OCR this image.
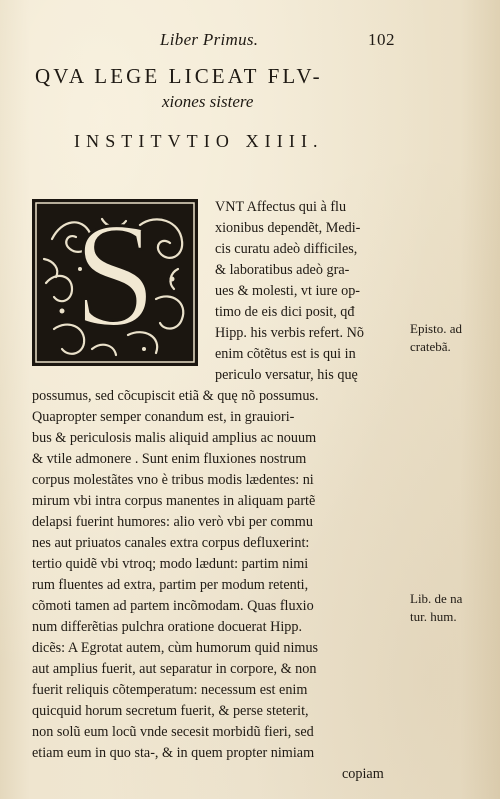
Liber Primus.	102
QVA LEGE LICEAT FLV-
xiones sistere
INSTITVTIO XIIII.
S	VNT Affectus qui à flu
xionibus dependẽt, Medi-
cis curatu adeò difficiles,
& laboratibus adeò gra-
ues & molesti, vt iure op-
timo de eis dici posit, qđ
Hipp. his verbis refert. Nõ
enim cõtẽtus est is qui in
periculo versatur, his quę
possumus, sed cõcupiscit etiã & quę nõ possumus.
Quapropter semper conandum est, in grauiori-
bus & periculosis malis aliquid amplius ac nouum
& vtile admonere . Sunt enim fluxiones nostrum
corpus molestãtes vno è tribus modis lædentes: ni
mirum vbi intra corpus manentes in aliquam partẽ
delapsi fuerint humores: alio verò vbi per commu
nes aut priuatos canales extra corpus defluxerint:
tertio quidẽ vbi vtroq; modo lædunt: partim nimi
rum fluentes ad extra, partim per modum retenti,
cõmoti tamen ad partem incõmodam. Quas fluxio
num differẽtias pulchra oratione docuerat Hipp.
dicẽs: A Egrotat autem, cùm humorum quid nimus
aut amplius fuerit, aut separatur in corpore, & non
fuerit reliquis cõtemperatum: necessum est enim
quicquid horum secretum fuerit, & perse steterit,
non solũ eum locũ vnde secesit morbidũ fieri, sed
etiam eum in quo sta-, & in quem propter nimiam
copiam
Episto. ad
cratebã.
Lib. de na
tur. hum.
